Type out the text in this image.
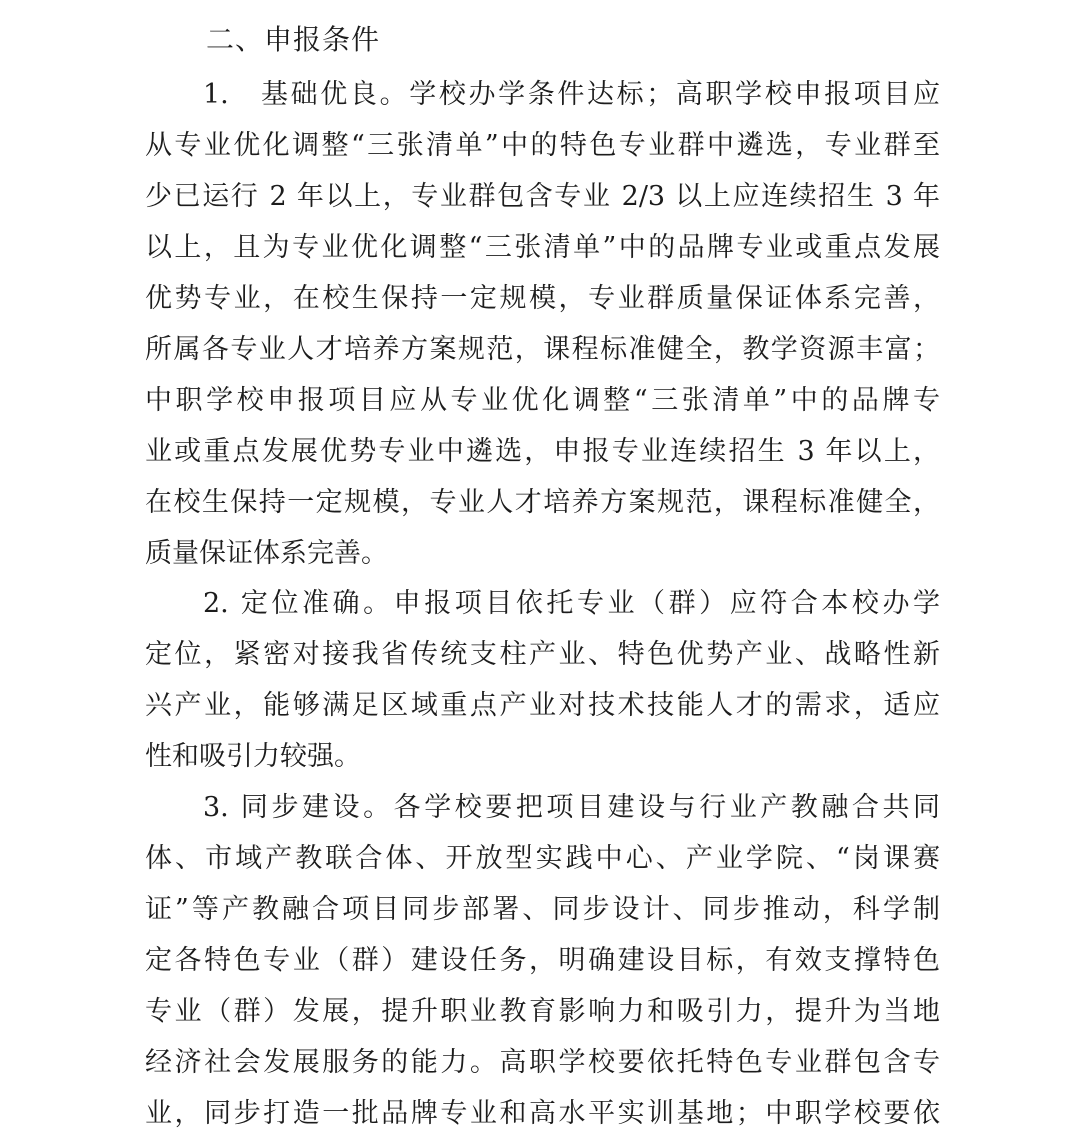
二、申报条件
1.　基础优良。学校办学条件达标；高职学校申报项目应
从专业优化调整“三张清单”中的特色专业群中遴选，专业群至
少已运行 2 年以上，专业群包含专业 2/3 以上应连续招生 3 年
以上，且为专业优化调整“三张清单”中的品牌专业或重点发展
优势专业，在校生保持一定规模，专业群质量保证体系完善，
所属各专业人才培养方案规范，课程标准健全，教学资源丰富；
中职学校申报项目应从专业优化调整“三张清单”中的品牌专
业或重点发展优势专业中遴选，申报专业连续招生 3 年以上，
在校生保持一定规模，专业人才培养方案规范，课程标准健全，
质量保证体系完善。
2. 定位准确。申报项目依托专业（群）应符合本校办学
定位，紧密对接我省传统支柱产业、特色优势产业、战略性新
兴产业，能够满足区域重点产业对技术技能人才的需求，适应
性和吸引力较强。
3. 同步建设。各学校要把项目建设与行业产教融合共同
体、市域产教联合体、开放型实践中心、产业学院、“岗课赛
证”等产教融合项目同步部署、同步设计、同步推动，科学制
定各特色专业（群）建设任务，明确建设目标，有效支撑特色
专业（群）发展，提升职业教育影响力和吸引力，提升为当地
经济社会发展服务的能力。高职学校要依托特色专业群包含专
业，同步打造一批品牌专业和高水平实训基地；中职学校要依
